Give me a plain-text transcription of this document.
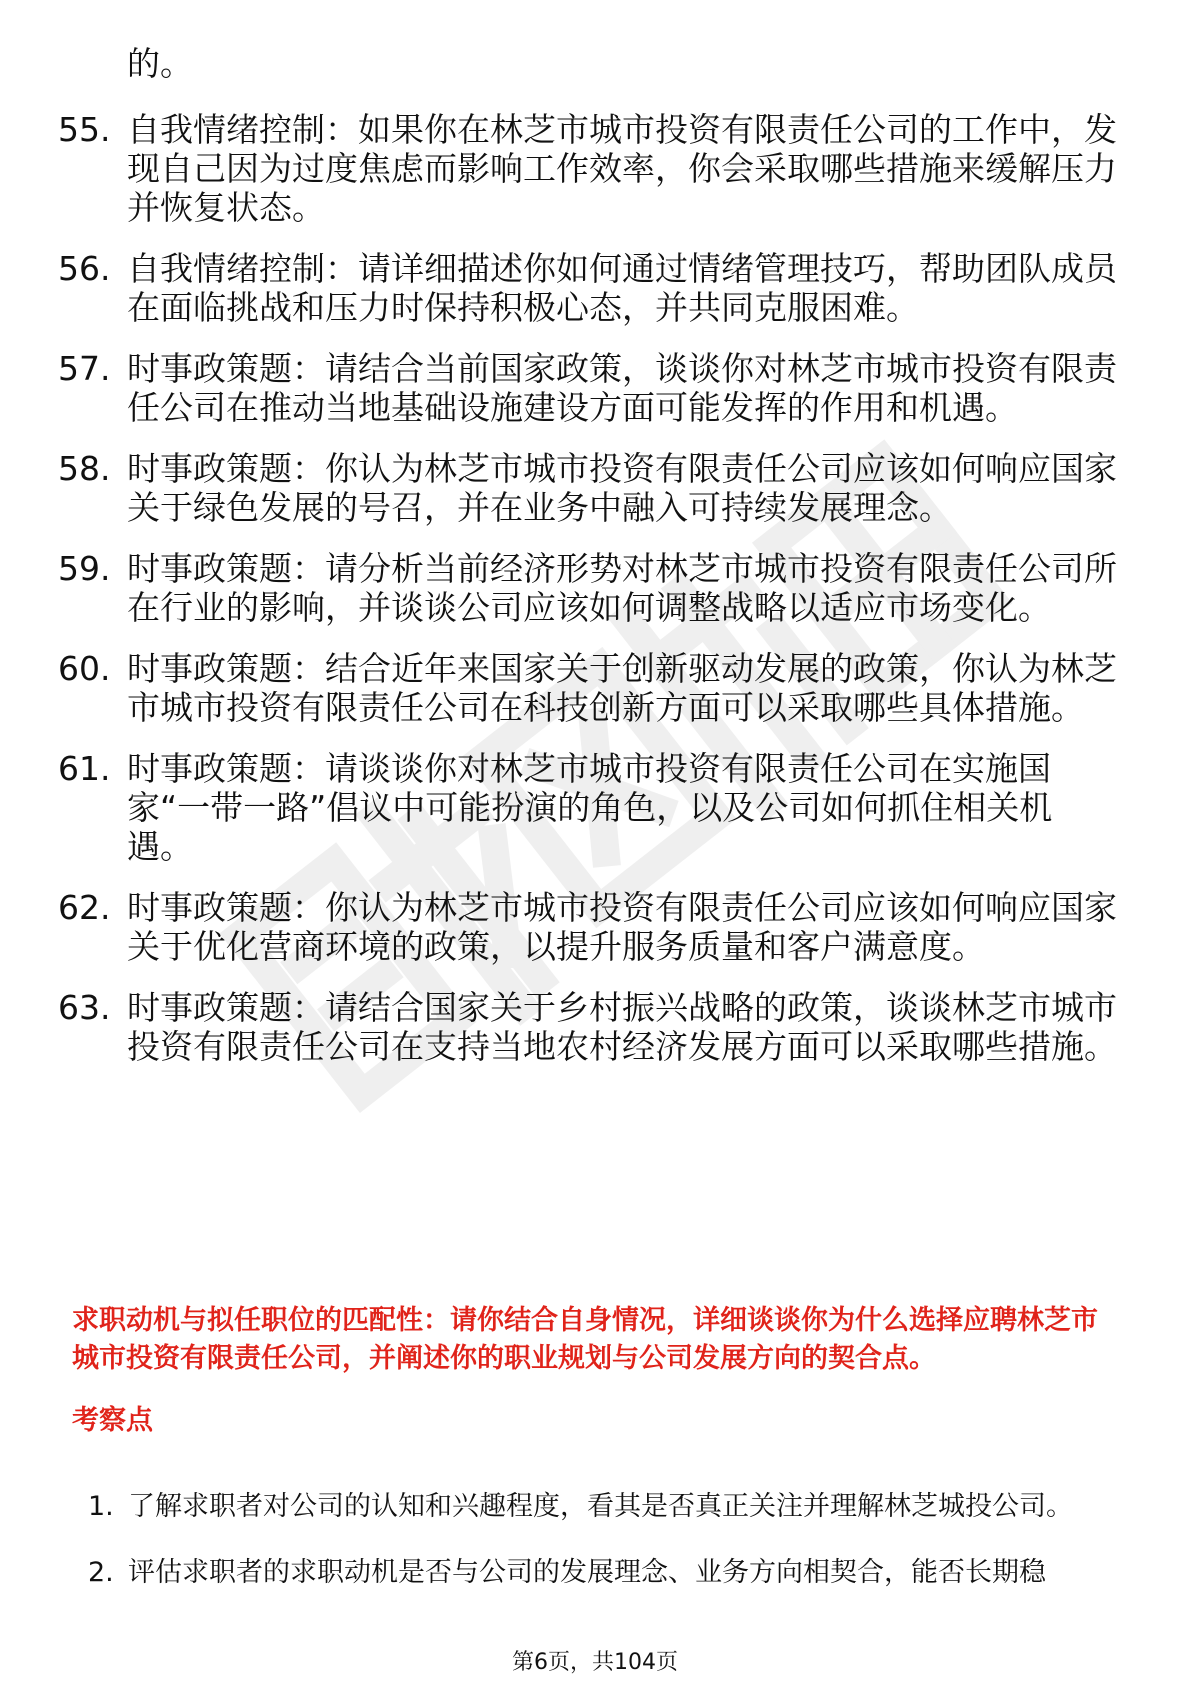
的。
55. 自我情绪控制：如果你在林芝市城市投资有限责任公司的工作中，发现自己因为过度焦虑而影响工作效率，你会采取哪些措施来缓解压力并恢复状态。
56. 自我情绪控制：请详细描述你如何通过情绪管理技巧，帮助团队成员在面临挑战和压力时保持积极心态，并共同克服困难。
57. 时事政策题：请结合当前国家政策，谈谈你对林芝市城市投资有限责任公司在推动当地基础设施建设方面可能发挥的作用和机遇。
58. 时事政策题：你认为林芝市城市投资有限责任公司应该如何响应国家关于绿色发展的号召，并在业务中融入可持续发展理念。
59. 时事政策题：请分析当前经济形势对林芝市城市投资有限责任公司所在行业的影响，并谈谈公司应该如何调整战略以适应市场变化。
60. 时事政策题：结合近年来国家关于创新驱动发展的政策，你认为林芝市城市投资有限责任公司在科技创新方面可以采取哪些具体措施。
61. 时事政策题：请谈谈你对林芝市城市投资有限责任公司在实施国家“一带一路”倡议中可能扮演的角色，以及公司如何抓住相关机遇。
62. 时事政策题：你认为林芝市城市投资有限责任公司应该如何响应国家关于优化营商环境的政策，以提升服务质量和客户满意度。
63. 时事政策题：请结合国家关于乡村振兴战略的政策，谈谈林芝市城市投资有限责任公司在支持当地农村经济发展方面可以采取哪些措施。
求职动机与拟任职位的匹配性：请你结合自身情况，详细谈谈你为什么选择应聘林芝市城市投资有限责任公司，并阐述你的职业规划与公司发展方向的契合点。
考察点
1. 了解求职者对公司的认知和兴趣程度，看其是否真正关注并理解林芝城投公司。
2. 评估求职者的求职动机是否与公司的发展理念、业务方向相契合，能否长期稳
第6页，共104页
